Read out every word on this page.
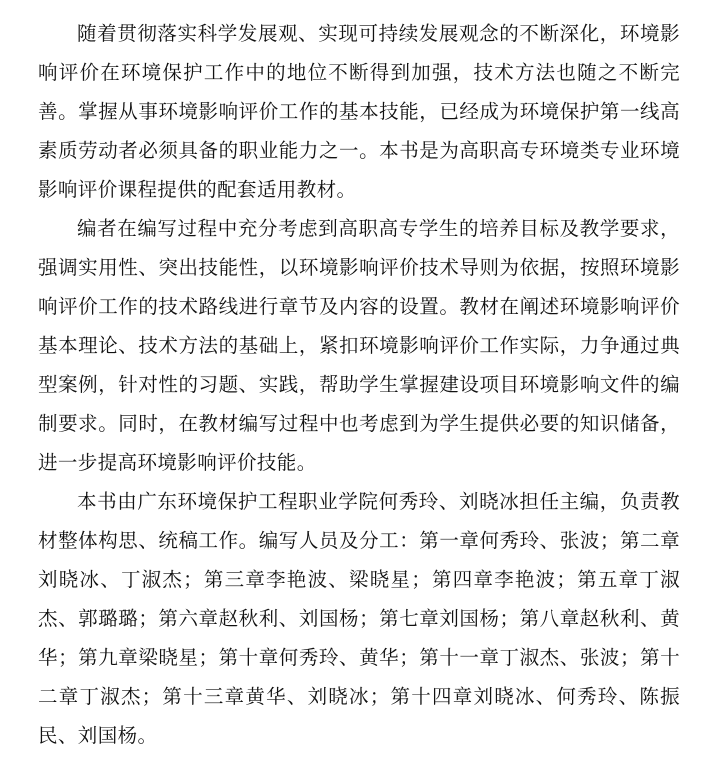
随着贯彻落实科学发展观、实现可持续发展观念的不断深化，环境影响评价在环境保护工作中的地位不断得到加强，技术方法也随之不断完善。掌握从事环境影响评价工作的基本技能，已经成为环境保护第一线高素质劳动者必须具备的职业能力之一。本书是为高职高专环境类专业环境影响评价课程提供的配套适用教材。

编者在编写过程中充分考虑到高职高专学生的培养目标及教学要求，强调实用性、突出技能性，以环境影响评价技术导则为依据，按照环境影响评价工作的技术路线进行章节及内容的设置。教材在阐述环境影响评价基本理论、技术方法的基础上，紧扣环境影响评价工作实际，力争通过典型案例，针对性的习题、实践，帮助学生掌握建设项目环境影响文件的编制要求。同时，在教材编写过程中也考虑到为学生提供必要的知识储备，进一步提高环境影响评价技能。

本书由广东环境保护工程职业学院何秀玲、刘晓冰担任主编，负责教材整体构思、统稿工作。编写人员及分工：第一章何秀玲、张波；第二章刘晓冰、丁淑杰；第三章李艳波、梁晓星；第四章李艳波；第五章丁淑杰、郭璐璐；第六章赵秋利、刘国杨；第七章刘国杨；第八章赵秋利、黄华；第九章梁晓星；第十章何秀玲、黄华；第十一章丁淑杰、张波；第十二章丁淑杰；第十三章黄华、刘晓冰；第十四章刘晓冰、何秀玲、陈振民、刘国杨。
